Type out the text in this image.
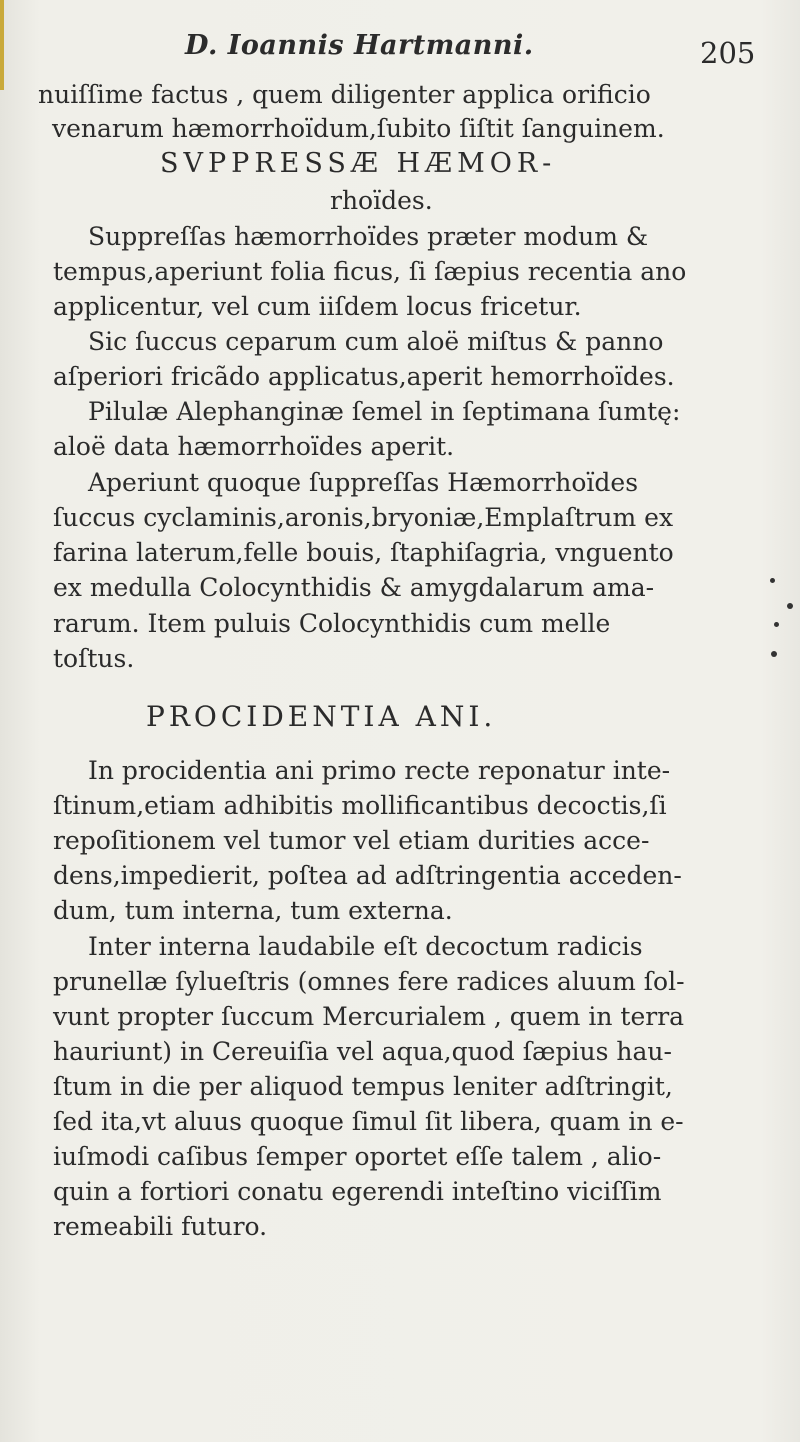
D. Ioannis Hartmanni.	205
nuiſſime factus , quem diligenter applica orificio
venarum hæmorrhoïdum,ſubito ſiſtit ſanguinem.
SVPPRESSÆ HÆMOR-
rhoïdes.
Suppreſſas hæmorrhoïdes præter modum &
tempus,aperiunt folia ficus, ſi ſæpius recentia ano
applicentur, vel cum iiſdem locus fricetur.
Sic ſuccus ceparum cum aloë miſtus & panno
aſperiori fricãdo applicatus,aperit hemorrhoïdes.
Pilulæ Alephanginæ ſemel in ſeptimana ſumtę:
aloë data hæmorrhoïdes aperit.
Aperiunt quoque ſuppreſſas Hæmorrhoïdes
ſuccus cyclaminis,aronis,bryoniæ,Emplaſtrum ex
farina laterum,felle bouis, ſtaphiſagria, vnguento
ex medulla Colocynthidis & amygdalarum ama-
rarum. Item puluis Colocynthidis cum melle
toſtus.
PROCIDENTIA ANI.
In procidentia ani primo recte reponatur inte-
ſtinum,etiam adhibitis mollificantibus decoctis,ſi
repoſitionem vel tumor vel etiam durities acce-
dens,impedierit, poſtea ad adſtringentia acceden-
dum, tum interna, tum externa.
Inter interna laudabile eſt decoctum radicis
prunellæ ſylueſtris (omnes fere radices aluum ſol-
vunt propter ſuccum Mercurialem , quem in terra
hauriunt) in Cereuiſia vel aqua,quod ſæpius hau-
ſtum in die per aliquod tempus leniter adſtringit,
ſed ita,vt aluus quoque ſimul ſit libera, quam in e-
iuſmodi caſibus ſemper oportet eſſe talem , alio-
quin a fortiori conatu egerendi inteſtino viciſſim
remeabili futuro.
